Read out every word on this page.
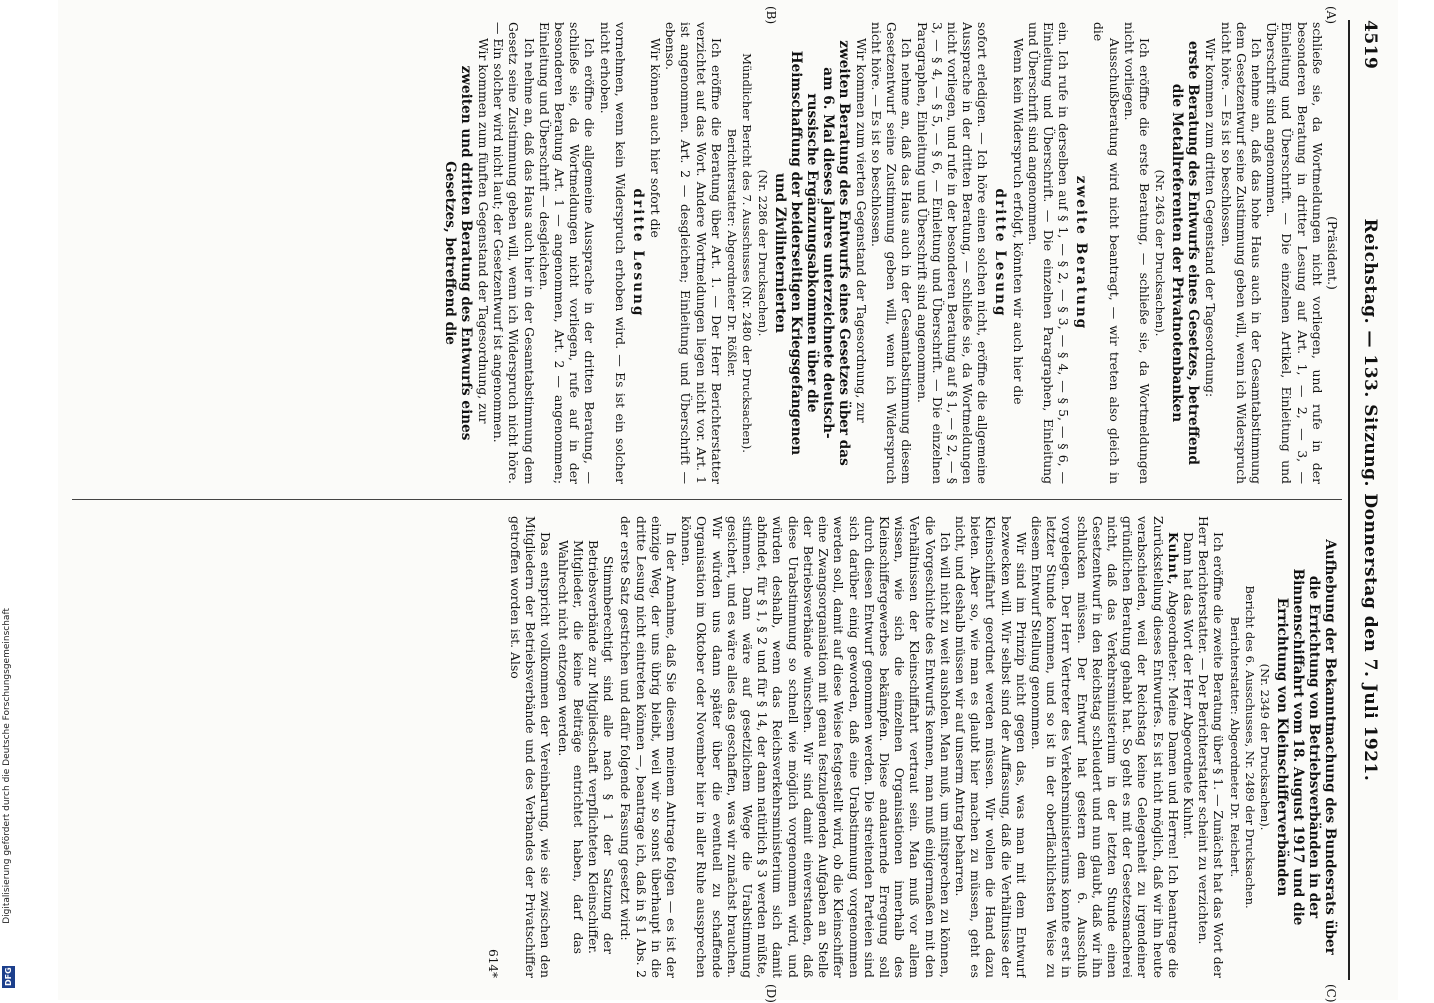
4519
Reichstag. — 133. Sitzung. Donnerstag den 7. Juli 1921.
(A)
(B)
(C)
(D)

(Präsident.)

schließe sie, da Wortmeldungen nicht vorliegen, und rufe in der besonderen Beratung in dritter Lesung auf Art. 1, — 2, — 3, — Einleitung und Überschrift. — Die einzelnen Artikel, Einleitung und Überschrift sind angenommen.

Ich nehme an, daß das hohe Haus auch in der Gesamtabstimmung dem Gesetzentwurf seine Zustimmung geben will, wenn ich Widerspruch nicht höre. — Es ist so beschlossen.

Wir kommen zum dritten Gegenstand der Tagesordnung:

erste Beratung des Entwurfs eines Gesetzes, betreffend die Metallreferenten der Privatnotenbanken

(Nr. 2463 der Drucksachen).

Ich eröffne die erste Beratung, — schließe sie, da Wortmeldungen nicht vorliegen.

Ausschußberatung wird nicht beantragt, — wir treten also gleich in die

zweite Beratung

ein. Ich rufe in derselben auf § 1, — § 2, — § 3, — § 4, — § 5, — § 6, — Einleitung und Überschrift. — Die einzelnen Paragraphen, Einleitung und Überschrift sind angenommen.

Wenn kein Widerspruch erfolgt, könnten wir auch hier die

dritte Lesung

sofort erledigen. — Ich höre einen solchen nicht, eröffne die allgemeine Aussprache in der dritten Beratung, — schließe sie, da Wortmeldungen nicht vorliegen, und rufe in der besonderen Beratung auf § 1, — § 2, — § 3, — § 4, — § 5, — § 6, — Einleitung und Überschrift. — Die einzelnen Paragraphen, Einleitung und Überschrift sind angenommen.

Ich nehme an, daß das Haus auch in der Gesamtabstimmung diesem Gesetzentwurf seine Zustimmung geben will, wenn ich Widerspruch nicht höre. — Es ist so beschlossen.

Wir kommen zum vierten Gegenstand der Tagesordnung, zur

zweiten Beratung des Entwurfs eines Gesetzes über das am 6. Mai dieses Jahres unterzeichnete deutsch-russische Ergänzungsabkommen über die Heimschaffung der beiderseitigen Kriegsgefangenen und Zivilinternierten

(Nr. 2286 der Drucksachen).

Mündlicher Bericht des 7. Ausschusses (Nr. 2480 der Drucksachen).

Berichterstatter: Abgeordneter Dr. Rößler.

Ich eröffne die Beratung über Art. 1. — Der Herr Berichterstatter verzichtet auf das Wort. Andere Wortmeldungen liegen nicht vor. Art. 1 ist angenommen. Art. 2 — desgleichen; Einleitung und Überschrift — ebenso.

Wir können auch hier sofort die

dritte Lesung

vornehmen, wenn kein Widerspruch erhoben wird. — Es ist ein solcher nicht erhoben.

Ich eröffne die allgemeine Aussprache in der dritten Beratung, — schließe sie, da Wortmeldungen nicht vorliegen, rufe auf in der besonderen Beratung Art. 1 — angenommen, Art. 2 — angenommen; Einleitung und Überschrift — desgleichen.

Ich nehme an, daß das Haus auch hier in der Gesamtabstimmung dem Gesetz seine Zustimmung geben will, wenn ich Widerspruch nicht höre. — Ein solcher wird nicht laut; der Gesetzentwurf ist angenommen.

Wir kommen zum fünften Gegenstand der Tagesordnung, zur

zweiten und dritten Beratung des Entwurfs eines Gesetzes, betreffend die

Aufhebung der Bekanntmachung des Bundesrats über die Errichtung von Betriebsverbänden in der Binnenschiffahrt vom 18. August 1917 und die Errichtung von Kleinschifferverbänden

(Nr. 2349 der Drucksachen).

Bericht des 6. Ausschusses, Nr. 2489 der Drucksachen.

Berichterstatter: Abgeordneter Dr. Reichert.

Ich eröffne die zweite Beratung über § 1. — Zunächst hat das Wort der Herr Berichterstatter. — Der Berichterstatter scheint zu verzichten.

Dann hat das Wort der Herr Abgeordnete Kuhnt.

Kuhnt, Abgeordneter: Meine Damen und Herren! Ich beantrage die Zurückstellung dieses Entwurfes. Es ist nicht möglich, daß wir ihn heute verabschieden, weil der Reichstag keine Gelegenheit zu irgendeiner gründlichen Beratung gehabt hat. So geht es mit der Gesetzesmacherei nicht, daß das Verkehrsministerium in der letzten Stunde einen Gesetzentwurf in den Reichstag schleudert und nun glaubt, daß wir ihn schlucken müssen. Der Entwurf hat gestern dem 6. Ausschuß vorgelegen. Der Herr Vertreter des Verkehrsministeriums konnte erst in letzter Stunde kommen, und so ist in der oberflächlichsten Weise zu diesem Entwurf Stellung genommen.

Wir sind im Prinzip nicht gegen das, was man mit dem Entwurf bezwecken will. Wir selbst sind der Auffassung, daß die Verhältnisse der Kleinschiffahrt geordnet werden müssen. Wir wollen die Hand dazu bieten. Aber so, wie man es glaubt hier machen zu müssen, geht es nicht, und deshalb müssen wir auf unserm Antrag beharren.

Ich will nicht zu weit ausholen. Man muß, um mitsprechen zu können, die Vorgeschichte des Entwurfs kennen, man muß einigermaßen mit den Verhältnissen der Kleinschiffahrt vertraut sein. Man muß vor allem wissen, wie sich die einzelnen Organisationen innerhalb des Kleinschiffergewerbes bekämpfen. Diese andauernde Erregung soll durch diesen Entwurf genommen werden. Die streitenden Parteien sind sich darüber einig geworden, daß eine Urabstimmung vorgenommen werden soll, damit auf diese Weise festgestellt wird, ob die Kleinschiffer eine Zwangsorganisation mit genau festzulegenden Aufgaben an Stelle der Betriebsverbände wünschen. Wir sind damit einverstanden, daß diese Urabstimmung so schnell wie möglich vorgenommen wird, und würden deshalb, wenn das Reichsverkehrsministerium sich damit abfindet, für § 1, § 2 und für § 14, der dann natürlich § 3 werden müßte, stimmen. Dann wäre auf gesetzlichem Wege die Urabstimmung gesichert, und es wäre alles das geschaffen, was wir zunächst brauchen. Wir würden uns dann später über die eventuell zu schaffende Organisation im Oktober oder November hier in aller Ruhe aussprechen können.

In der Annahme, daß Sie diesem meinem Antrage folgen — es ist der einzige Weg, der uns übrig bleibt, weil wir so sonst überhaupt in die dritte Lesung nicht eintreten können —, beantrage ich, daß in § 1 Abs. 2 der erste Satz gestrichen und dafür folgende Fassung gesetzt wird:

Stimmberechtigt sind alle nach § 1 der Satzung der Betriebsverbände zur Mitgliedschaft verpflichteten Kleinschiffer. Mitglieder, die keine Beiträge entrichtet haben, darf das Wahlrecht nicht entzogen werden.

Das entspricht vollkommen der Vereinbarung, wie sie zwischen den Mitgliedern der Betriebsverbände und des Verbandes der Privatschiffer getroffen worden ist. Also

614*

Digitalisierung gefördert durch die Deutsche Forschungsgemeinschaft
DFG
